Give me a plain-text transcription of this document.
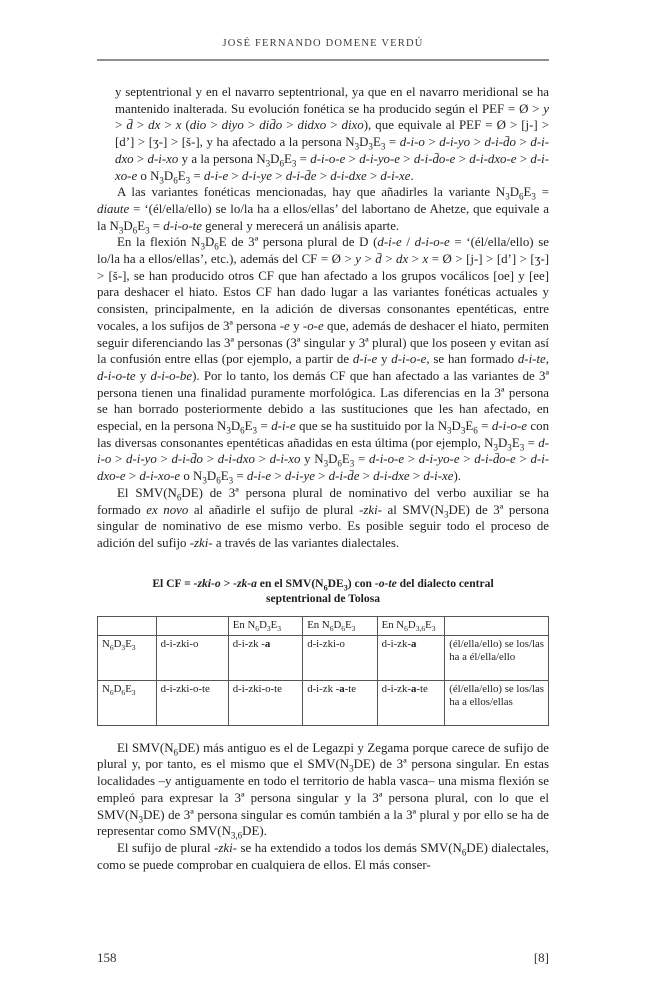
JOSÉ FERNANDO DOMENE VERDÚ

y septentrional y en el navarro septentrional, ya que en el navarro meridional se ha mantenido inalterada. Su evolución fonética se ha producido según el PEF = Ø > y > d̄ > dx > x (dio > diyo > did̄o > didxo > dixo), que equivale al PEF = Ø > [j-] > [d’] > [ʒ-] > [š-], y ha afectado a la persona $N_3D_3E_3 = d-i-o > d-i-yo$ > d-i-d̄o > d-i-dxo > d-i-xo y a la persona $N_3D_6E_3 = d-i-o-e > d-i-yo-e$ > d-i-d̄o-e > d-i-dxo-e > d-i-xo-e o $N_3D_6E_3 = d-i-e > d-i-ye$ > d-i-d̄e > d-i-dxe > d-i-xe.

A las variantes fonéticas mencionadas, hay que añadirles la variante $N_3D_6E_3$ = diaute = ‘(él/ella/ello) se lo/la ha a ellos/ellas’ del labortano de Ahetze, que equivale a la $N_3D_6E_3 = d-i-o-te$ general y merecerá un análisis aparte.

En la flexión $N_3D_6E$ de 3ª persona plural de D (d-i-e / d-i-o-e = ‘(él/ella/ello) se lo/la ha a ellos/ellas’, etc.), además del CF = Ø > y > d̄ > dx > x = Ø > [j-] > [d’] > [ʒ-] > [š-], se han producido otros CF que han afectado a los grupos vocálicos [oe] y [ee] para deshacer el hiato. Estos CF han dado lugar a las variantes fonéticas actuales y consisten, principalmente, en la adición de diversas consonantes epentéticas, entre vocales, a los sufijos de 3ª persona -e y -o-e que, además de deshacer el hiato, permiten seguir diferenciando las 3ª personas (3ª singular y 3ª plural) que los poseen y evitan así la confusión entre ellas (por ejemplo, a partir de d-i-e y d-i-o-e, se han formado d-i-te, d-i-o-te y d-i-o-be). Por lo tanto, los demás CF que han afectado a las variantes de 3ª persona tienen una finalidad puramente morfológica. Las diferencias en la 3ª persona se han borrado posteriormente debido a las sustituciones que les han afectado, en especial, en la persona $N_3D_6E_3 = d-i-e$ que se ha sustituido por la $N_3D_3E_6 = d-i-o-e$ con las diversas consonantes epentéticas añadidas en esta última (por ejemplo, $N_3D_3E_3 = d-i-o > d-i-yo$ > d-i-d̄o > d-i-dxo > d-i-xo y $N_3D_6E_3 = d-i-o-e > d-i-yo-e$ > d-i-d̄o-e > d-i-dxo-e > d-i-xo-e o $N_3D_6E_3 = d-i-e > d-i-ye$ > d-i-d̄e > d-i-dxe > d-i-xe).

El $SMV(N_6DE)$ de 3ª persona plural de nominativo del verbo auxiliar se ha formado ex novo al añadirle el sufijo de plural -zki- al $SMV(N_3DE)$ de 3ª persona singular de nominativo de ese mismo verbo. Es posible seguir todo el proceso de adición del sufijo -zki- a través de las variantes dialectales.

El CF = -zki-o > -zk-a en el $SMV(N_6DE_3)$ con -o-te del dialecto central septentrional de Tolosa
		En $N_6D_3E_3$	En $N_6D_6E_3$	En $N_6D_{3,6}E_3$	
$N_6D_3E_3$	d-i-zki-o	d-i-zk -a	d-i-zki-o	d-i-zk-a	(él/ella/ello) se los/las ha a él/ella/ello
$N_6D_6E_3$	d-i-zki-o-te	d-i-zki-o-te	d-i-zk -a-te	d-i-zk-a-te	(él/ella/ello) se los/las ha a ellos/ellas

El $SMV(N_6DE)$ más antiguo es el de Legazpi y Zegama porque carece de sufijo de plural y, por tanto, es el mismo que el $SMV(N_3DE)$ de 3ª persona singular. En estas localidades –y antiguamente en todo el territorio de habla vasca– una misma flexión se empleó para expresar la 3ª persona singular y la 3ª persona plural, con lo que el $SMV(N_3DE)$ de 3ª persona singular es común también a la 3ª plural y por ello se ha de representar como $SMV(N_{3,6}DE)$.

El sufijo de plural -zki- se ha extendido a todos los demás $SMV(N_6DE)$ dialectales, como se puede comprobar en cualquiera de ellos. El más conser-

158	[8]
